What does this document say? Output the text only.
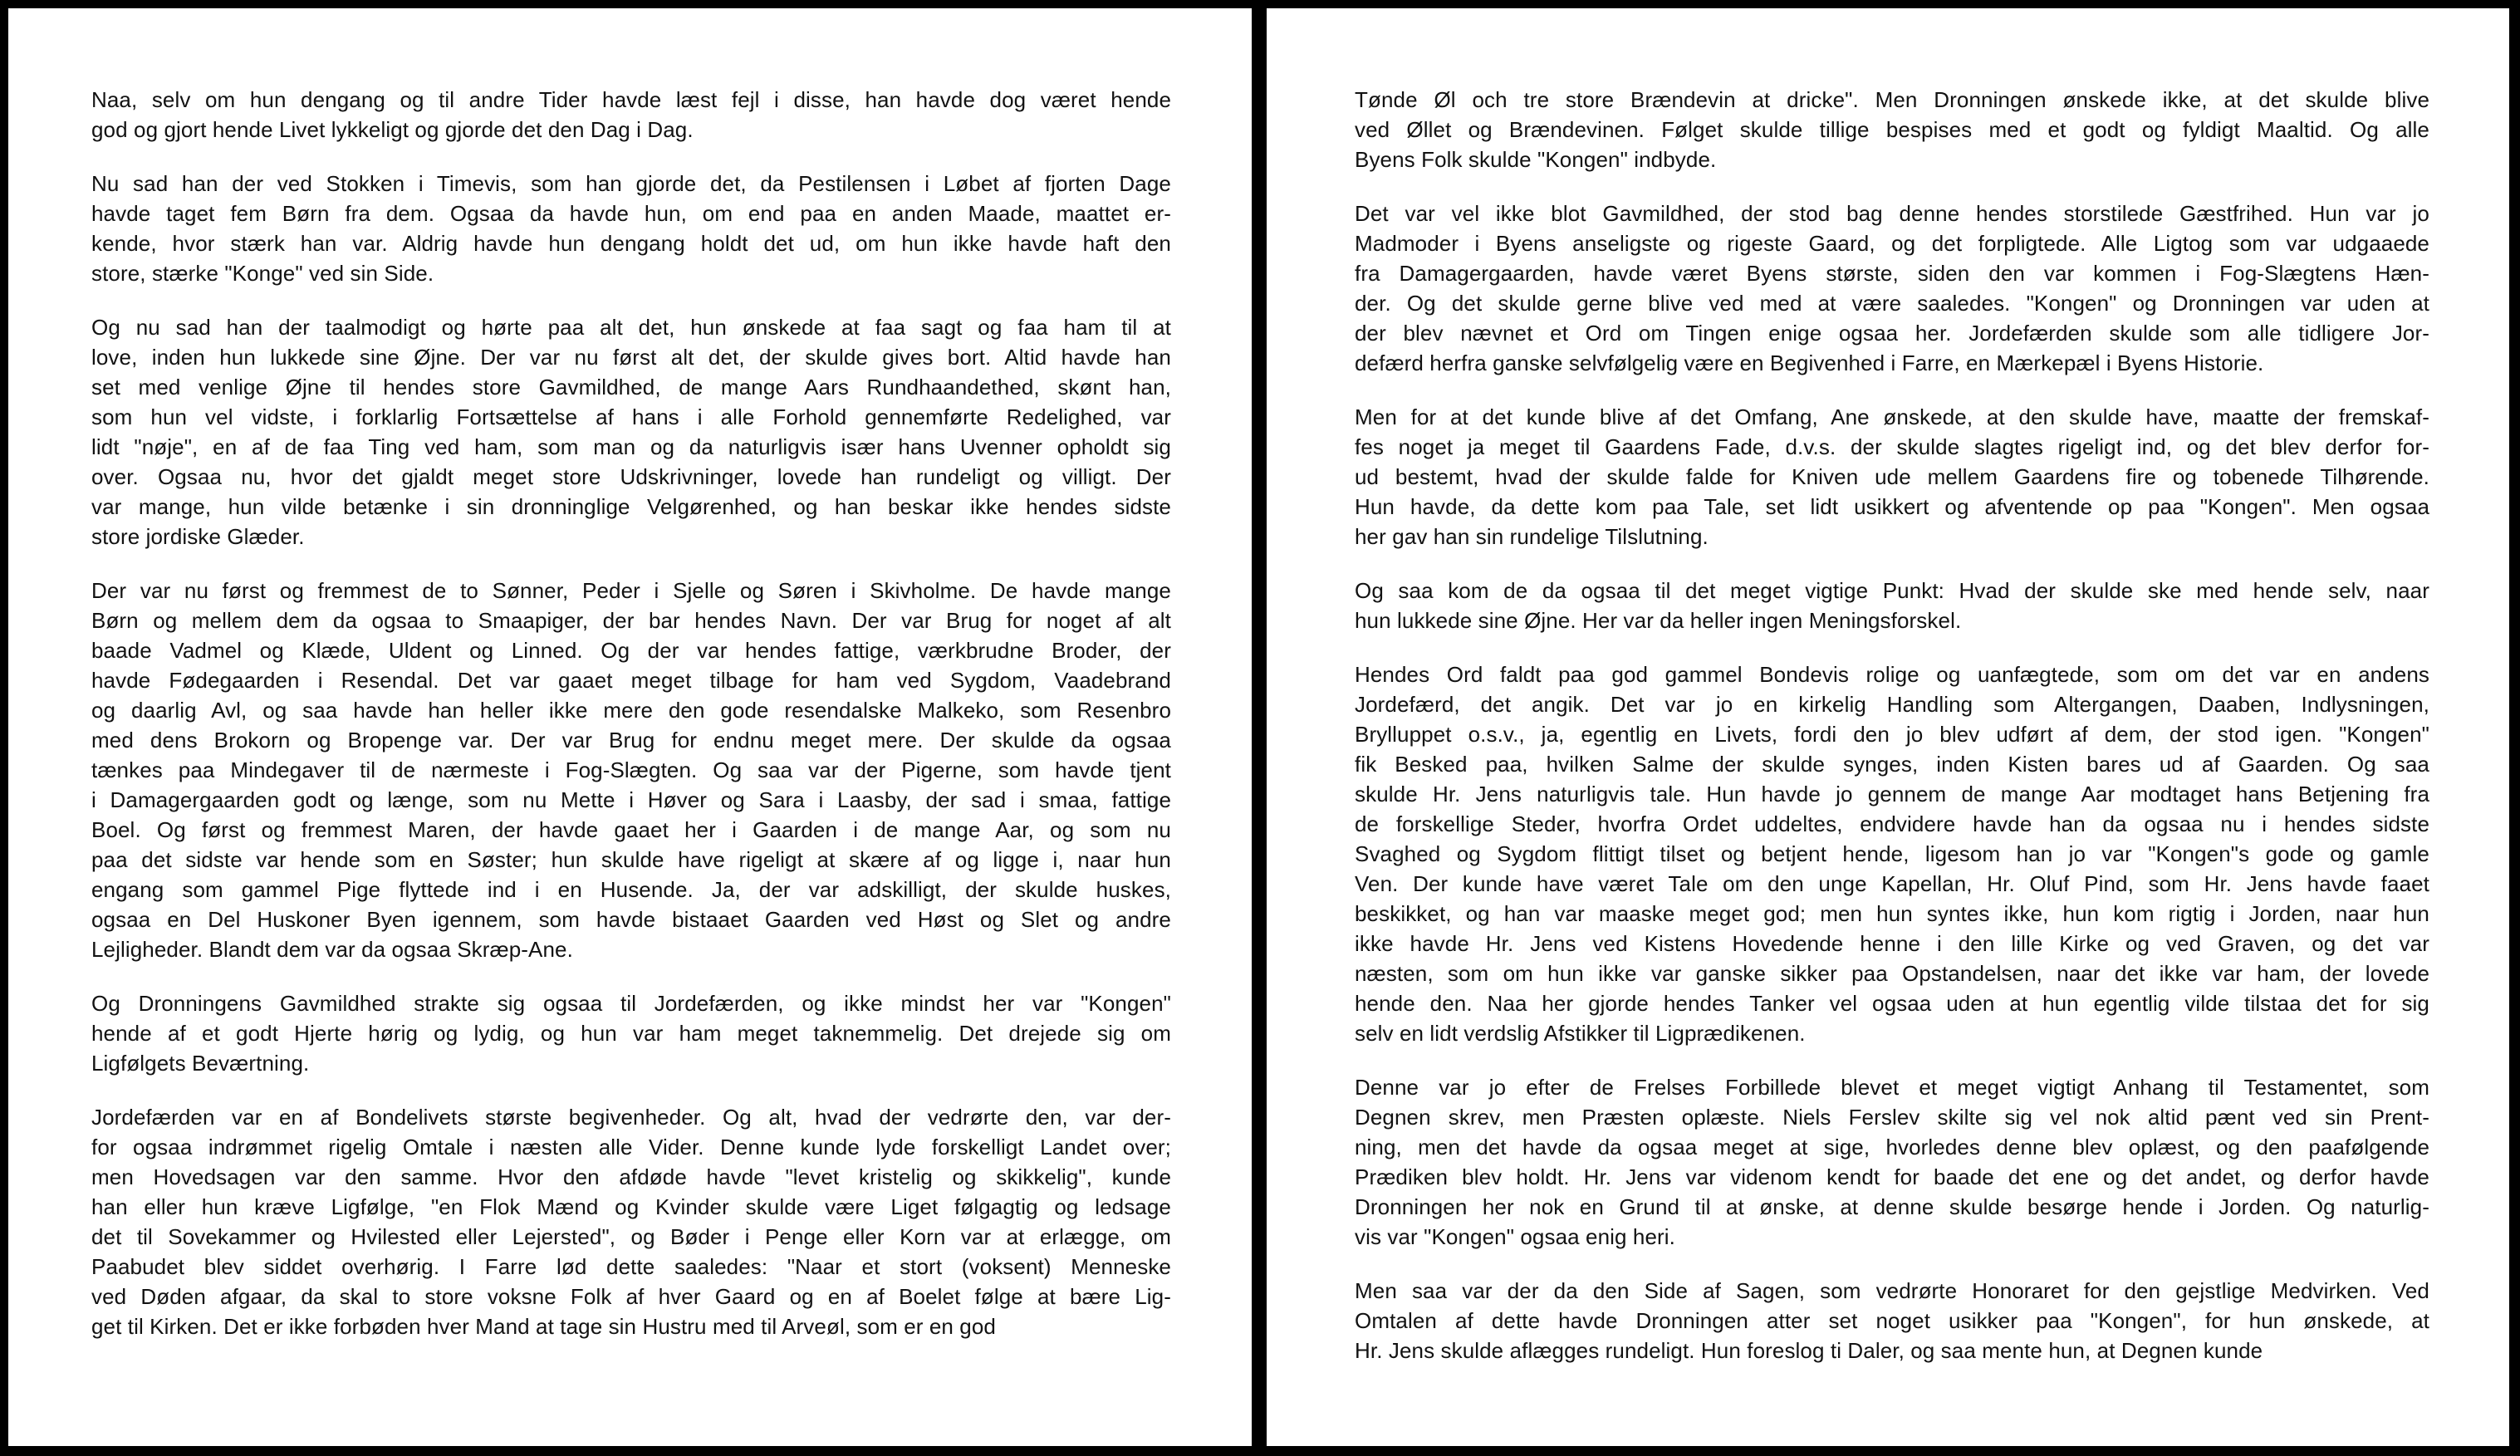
Naa, selv om hun dengang og til andre Tider havde læst fejl i disse, han havde dog været hende
god og gjort hende Livet lykkeligt og gjorde det den Dag i Dag.
Nu sad han der ved Stokken i Timevis, som han gjorde det, da Pestilensen i Løbet af fjorten Dage
havde taget fem Børn fra dem. Ogsaa da havde hun, om end paa en anden Maade, maattet er-
kende, hvor stærk han var. Aldrig havde hun dengang holdt det ud, om hun ikke havde haft den
store, stærke "Konge" ved sin Side.
Og nu sad han der taalmodigt og hørte paa alt det, hun ønskede at faa sagt og faa ham til at
love, inden hun lukkede sine Øjne. Der var nu først alt det, der skulde gives bort. Altid havde han
set med venlige Øjne til hendes store Gavmildhed, de mange Aars Rundhaandethed, skønt han,
som hun vel vidste, i forklarlig Fortsættelse af hans i alle Forhold gennemførte Redelighed, var
lidt "nøje", en af de faa Ting ved ham, som man og da naturligvis især hans Uvenner opholdt sig
over. Ogsaa nu, hvor det gjaldt meget store Udskrivninger, lovede han rundeligt og villigt. Der
var mange, hun vilde betænke i sin dronninglige Velgørenhed, og han beskar ikke hendes sidste
store jordiske Glæder.
Der var nu først og fremmest de to Sønner, Peder i Sjelle og Søren i Skivholme. De havde mange
Børn og mellem dem da ogsaa to Smaapiger, der bar hendes Navn. Der var Brug for noget af alt
baade Vadmel og Klæde, Uldent og Linned. Og der var hendes fattige, værkbrudne Broder, der
havde Fødegaarden i Resendal. Det var gaaet meget tilbage for ham ved Sygdom, Vaadebrand
og daarlig Avl, og saa havde han heller ikke mere den gode resendalske Malkeko, som Resenbro
med dens Brokorn og Bropenge var. Der var Brug for endnu meget mere. Der skulde da ogsaa
tænkes paa Mindegaver til de nærmeste i Fog-Slægten. Og saa var der Pigerne, som havde tjent
i Damagergaarden godt og længe, som nu Mette i Høver og Sara i Laasby, der sad i smaa, fattige
Boel. Og først og fremmest Maren, der havde gaaet her i Gaarden i de mange Aar, og som nu
paa det sidste var hende som en Søster; hun skulde have rigeligt at skære af og ligge i, naar hun
engang som gammel Pige flyttede ind i en Husende. Ja, der var adskilligt, der skulde huskes,
ogsaa en Del Huskoner Byen igennem, som havde bistaaet Gaarden ved Høst og Slet og andre
Lejligheder. Blandt dem var da ogsaa Skræp-Ane.
Og Dronningens Gavmildhed strakte sig ogsaa til Jordefærden, og ikke mindst her var "Kongen"
hende af et godt Hjerte hørig og lydig, og hun var ham meget taknemmelig. Det drejede sig om
Ligfølgets Beværtning.
Jordefærden var en af Bondelivets største begivenheder. Og alt, hvad der vedrørte den, var der-
for ogsaa indrømmet rigelig Omtale i næsten alle Vider. Denne kunde lyde forskelligt Landet over;
men Hovedsagen var den samme. Hvor den afdøde havde "levet kristelig og skikkelig", kunde
han eller hun kræve Ligfølge, "en Flok Mænd og Kvinder skulde være Liget følgagtig og ledsage
det til Sovekammer og Hvilested eller Lejersted", og Bøder i Penge eller Korn var at erlægge, om
Paabudet blev siddet overhørig. I Farre lød dette saaledes: "Naar et stort (voksent) Menneske
ved Døden afgaar, da skal to store voksne Folk af hver Gaard og en af Boelet følge at bære Lig-
get til Kirken. Det er ikke forbøden hver Mand at tage sin Hustru med til Arveøl, som er en god
Tønde Øl och tre store Brændevin at dricke". Men Dronningen ønskede ikke, at det skulde blive
ved Øllet og Brændevinen. Følget skulde tillige bespises med et godt og fyldigt Maaltid. Og alle
Byens Folk skulde "Kongen" indbyde.
Det var vel ikke blot Gavmildhed, der stod bag denne hendes storstilede Gæstfrihed. Hun var jo
Madmoder i Byens anseligste og rigeste Gaard, og det forpligtede. Alle Ligtog som var udgaaede
fra Damagergaarden, havde været Byens største, siden den var kommen i Fog-Slægtens Hæn-
der. Og det skulde gerne blive ved med at være saaledes. "Kongen" og Dronningen var uden at
der blev nævnet et Ord om Tingen enige ogsaa her. Jordefærden skulde som alle tidligere Jor-
defærd herfra ganske selvfølgelig være en Begivenhed i Farre, en Mærkepæl i Byens Historie.
Men for at det kunde blive af det Omfang, Ane ønskede, at den skulde have, maatte der fremskaf-
fes noget ja meget til Gaardens Fade, d.v.s. der skulde slagtes rigeligt ind, og det blev derfor for-
ud bestemt, hvad der skulde falde for Kniven ude mellem Gaardens fire og tobenede Tilhørende.
Hun havde, da dette kom paa Tale, set lidt usikkert og afventende op paa "Kongen". Men ogsaa
her gav han sin rundelige Tilslutning.
Og saa kom de da ogsaa til det meget vigtige Punkt: Hvad der skulde ske med hende selv, naar
hun lukkede sine Øjne. Her var da heller ingen Meningsforskel.
Hendes Ord faldt paa god gammel Bondevis rolige og uanfægtede, som om det var en andens
Jordefærd, det angik. Det var jo en kirkelig Handling som Altergangen, Daaben, Indlysningen,
Brylluppet o.s.v., ja, egentlig en Livets, fordi den jo blev udført af dem, der stod igen. "Kongen"
fik Besked paa, hvilken Salme der skulde synges, inden Kisten bares ud af Gaarden. Og saa
skulde Hr. Jens naturligvis tale. Hun havde jo gennem de mange Aar modtaget hans Betjening fra
de forskellige Steder, hvorfra Ordet uddeltes, endvidere havde han da ogsaa nu i hendes sidste
Svaghed og Sygdom flittigt tilset og betjent hende, ligesom han jo var "Kongen"s gode og gamle
Ven. Der kunde have været Tale om den unge Kapellan, Hr. Oluf Pind, som Hr. Jens havde faaet
beskikket, og han var maaske meget god; men hun syntes ikke, hun kom rigtig i Jorden, naar hun
ikke havde Hr. Jens ved Kistens Hovedende henne i den lille Kirke og ved Graven, og det var
næsten, som om hun ikke var ganske sikker paa Opstandelsen, naar det ikke var ham, der lovede
hende den. Naa her gjorde hendes Tanker vel ogsaa uden at hun egentlig vilde tilstaa det for sig
selv en lidt verdslig Afstikker til Ligprædikenen.
Denne var jo efter de Frelses Forbillede blevet et meget vigtigt Anhang til Testamentet, som
Degnen skrev, men Præsten oplæste. Niels Ferslev skilte sig vel nok altid pænt ved sin Prent-
ning, men det havde da ogsaa meget at sige, hvorledes denne blev oplæst, og den paafølgende
Prædiken blev holdt. Hr. Jens var videnom kendt for baade det ene og det andet, og derfor havde
Dronningen her nok en Grund til at ønske, at denne skulde besørge hende i Jorden. Og naturlig-
vis var "Kongen" ogsaa enig heri.
Men saa var der da den Side af Sagen, som vedrørte Honoraret for den gejstlige Medvirken. Ved
Omtalen af dette havde Dronningen atter set noget usikker paa "Kongen", for hun ønskede, at
Hr. Jens skulde aflægges rundeligt. Hun foreslog ti Daler, og saa mente hun, at Degnen kunde
